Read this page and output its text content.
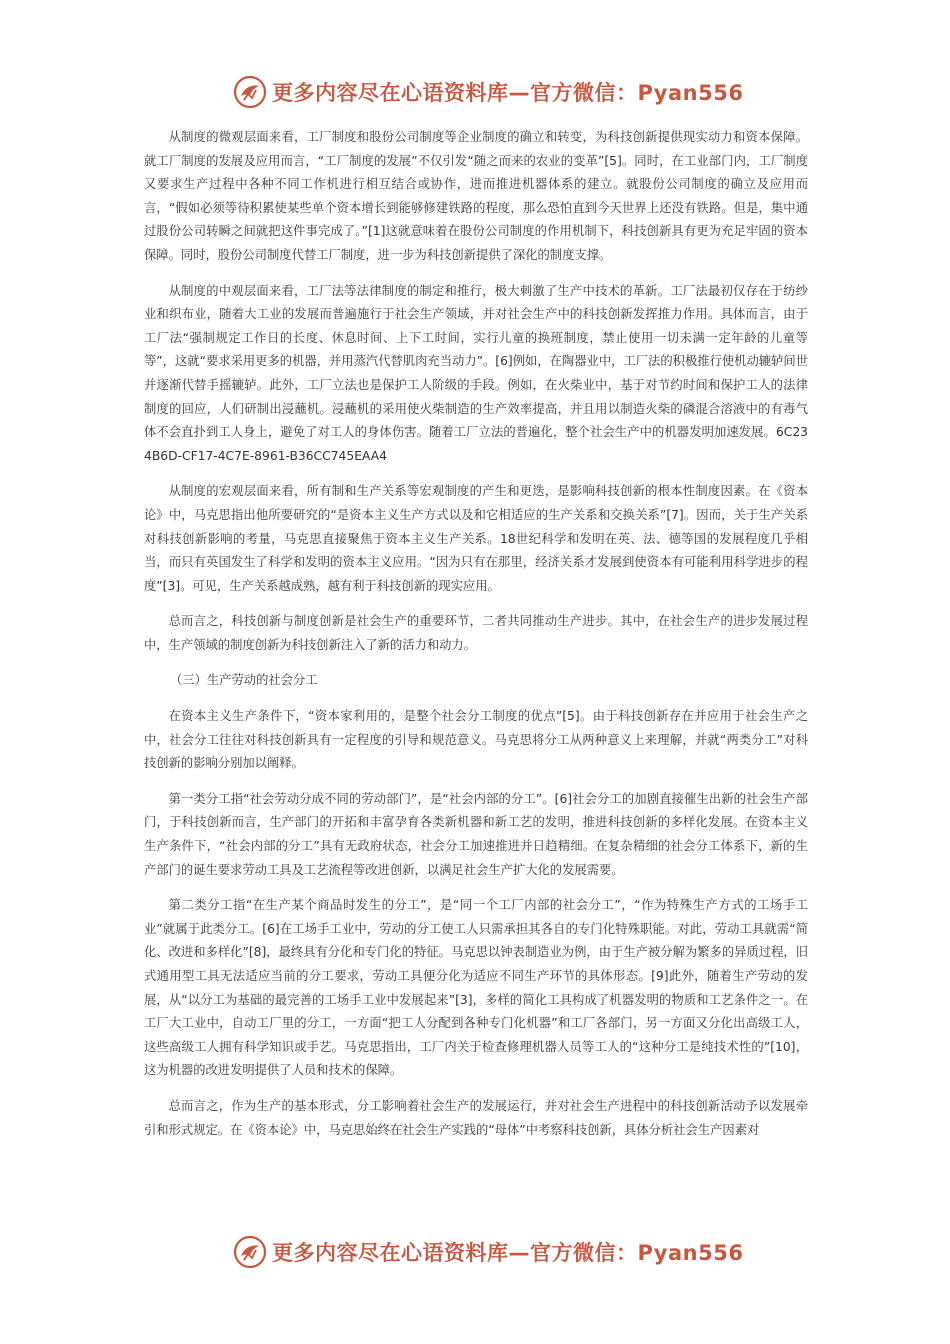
更多内容尽在心语资料库—官方微信：Pyan556

从制度的微观层面来看，工厂制度和股份公司制度等企业制度的确立和转变，为科技创新提供现实动力和资本保障。就工厂制度的发展及应用而言，“工厂制度的发展”不仅引发“随之而来的农业的变革”[5]。同时，在工业部门内，工厂制度又要求生产过程中各种不同工作机进行相互结合或协作，进而推进机器体系的建立。就股份公司制度的确立及应用而言，“假如必须等待积累使某些单个资本增长到能够修建铁路的程度，那么恐怕直到今天世界上还没有铁路。但是，集中通过股份公司转瞬之间就把这件事完成了。”[1]这就意味着在股份公司制度的作用机制下，科技创新具有更为充足牢固的资本保障。同时，股份公司制度代替工厂制度，进一步为科技创新提供了深化的制度支撑。

从制度的中观层面来看，工厂法等法律制度的制定和推行，极大刺激了生产中技术的革新。工厂法最初仅存在于纺纱业和织布业，随着大工业的发展而普遍施行于社会生产领域，并对社会生产中的科技创新发挥推力作用。具体而言，由于工厂法“强制规定工作日的长度、休息时间、上下工时间，实行儿童的换班制度，禁止使用一切未满一定年龄的儿童等等”，这就“要求采用更多的机器，并用蒸汽代替肌肉充当动力”。[6]例如，在陶器业中，工厂法的积极推行使机动辘轳间世并逐渐代替手摇辘轳。此外，工厂立法也是保护工人阶级的手段。例如，在火柴业中，基于对节约时间和保护工人的法律制度的回应，人们研制出浸蘸机。浸蘸机的采用使火柴制造的生产效率提高，并且用以制造火柴的磷混合溶液中的有毒气体不会直扑到工人身上，避免了对工人的身体伤害。随着工厂立法的普遍化，整个社会生产中的机器发明加速发展。6C234B6D-CF17-4C7E-8961-B36CC745EAA4

从制度的宏观层面来看，所有制和生产关系等宏观制度的产生和更迭，是影响科技创新的根本性制度因素。在《资本论》中，马克思指出他所要研究的“是资本主义生产方式以及和它相适应的生产关系和交换关系”[7]。因而，关于生产关系对科技创新影响的考量，马克思直接聚焦于资本主义生产关系。18世纪科学和发明在英、法、德等国的发展程度几乎相当，而只有英国发生了科学和发明的资本主义应用。“因为只有在那里，经济关系才发展到使资本有可能利用科学进步的程度”[3]。可见，生产关系越成熟，越有利于科技创新的现实应用。

总而言之，科技创新与制度创新是社会生产的重要环节，二者共同推动生产进步。其中，在社会生产的进步发展过程中，生产领域的制度创新为科技创新注入了新的活力和动力。

（三）生产劳动的社会分工

在资本主义生产条件下，“资本家利用的，是整个社会分工制度的优点”[5]。由于科技创新存在并应用于社会生产之中，社会分工往往对科技创新具有一定程度的引导和规范意义。马克思将分工从两种意义上来理解，并就“两类分工”对科技创新的影响分别加以阐释。

第一类分工指“社会劳动分成不同的劳动部门”，是“社会内部的分工”。[6]社会分工的加剧直接催生出新的社会生产部门，于科技创新而言，生产部门的开拓和丰富孕育各类新机器和新工艺的发明，推进科技创新的多样化发展。在资本主义生产条件下，“社会内部的分工”具有无政府状态，社会分工加速推进并日趋精细。在复杂精细的社会分工体系下，新的生产部门的诞生要求劳动工具及工艺流程等改进创新，以满足社会生产扩大化的发展需要。

第二类分工指“在生产某个商品时发生的分工”，是“同一个工厂内部的社会分工”，“作为特殊生产方式的工场手工业”就属于此类分工。[6]在工场手工业中，劳动的分工使工人只需承担其各自的专门化特殊职能。对此，劳动工具就需“简化、改进和多样化”[8]，最终具有分化和专门化的特征。马克思以钟表制造业为例，由于生产被分解为繁多的异质过程，旧式通用型工具无法适应当前的分工要求，劳动工具便分化为适应不同生产环节的具体形态。[9]此外，随着生产劳动的发展，从“以分工为基础的最完善的工场手工业中发展起来”[3]，多样的简化工具构成了机器发明的物质和工艺条件之一。在工厂大工业中，自动工厂里的分工，一方面“把工人分配到各种专门化机器”和工厂各部门，另一方面又分化出高级工人，这些高级工人拥有科学知识或手艺。马克思指出，工厂内关于检查修理机器人员等工人的“这种分工是纯技术性的”[10]，这为机器的改进发明提供了人员和技术的保障。

总而言之，作为生产的基本形式，分工影响着社会生产的发展运行，并对社会生产进程中的科技创新活动予以发展牵引和形式规定。在《资本论》中，马克思始终在社会生产实践的“母体”中考察科技创新，具体分析社会生产因素对

更多内容尽在心语资料库—官方微信：Pyan556
